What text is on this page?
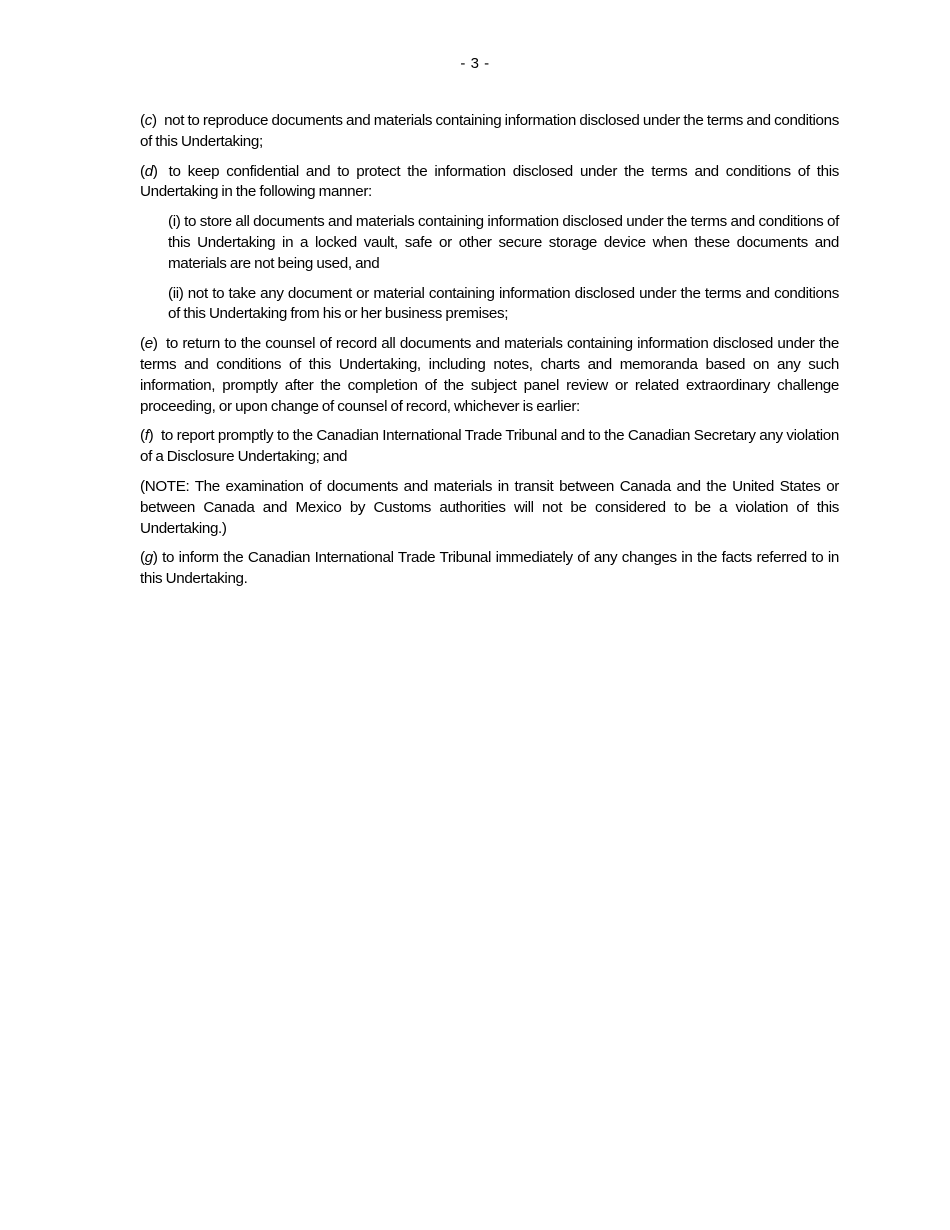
- 3 -

(c) not to reproduce documents and materials containing information disclosed under the terms and conditions of this Undertaking;

(d) to keep confidential and to protect the information disclosed under the terms and conditions of this Undertaking in the following manner:

(i) to store all documents and materials containing information disclosed under the terms and conditions of this Undertaking in a locked vault, safe or other secure storage device when these documents and materials are not being used, and

(ii) not to take any document or material containing information disclosed under the terms and conditions of this Undertaking from his or her business premises;

(e) to return to the counsel of record all documents and materials containing information disclosed under the terms and conditions of this Undertaking, including notes, charts and memoranda based on any such information, promptly after the completion of the subject panel review or related extraordinary challenge proceeding, or upon change of counsel of record, whichever is earlier:

(f) to report promptly to the Canadian International Trade Tribunal and to the Canadian Secretary any violation of a Disclosure Undertaking; and

(NOTE: The examination of documents and materials in transit between Canada and the United States or between Canada and Mexico by Customs authorities will not be considered to be a violation of this Undertaking.)

(g) to inform the Canadian International Trade Tribunal immediately of any changes in the facts referred to in this Undertaking.
